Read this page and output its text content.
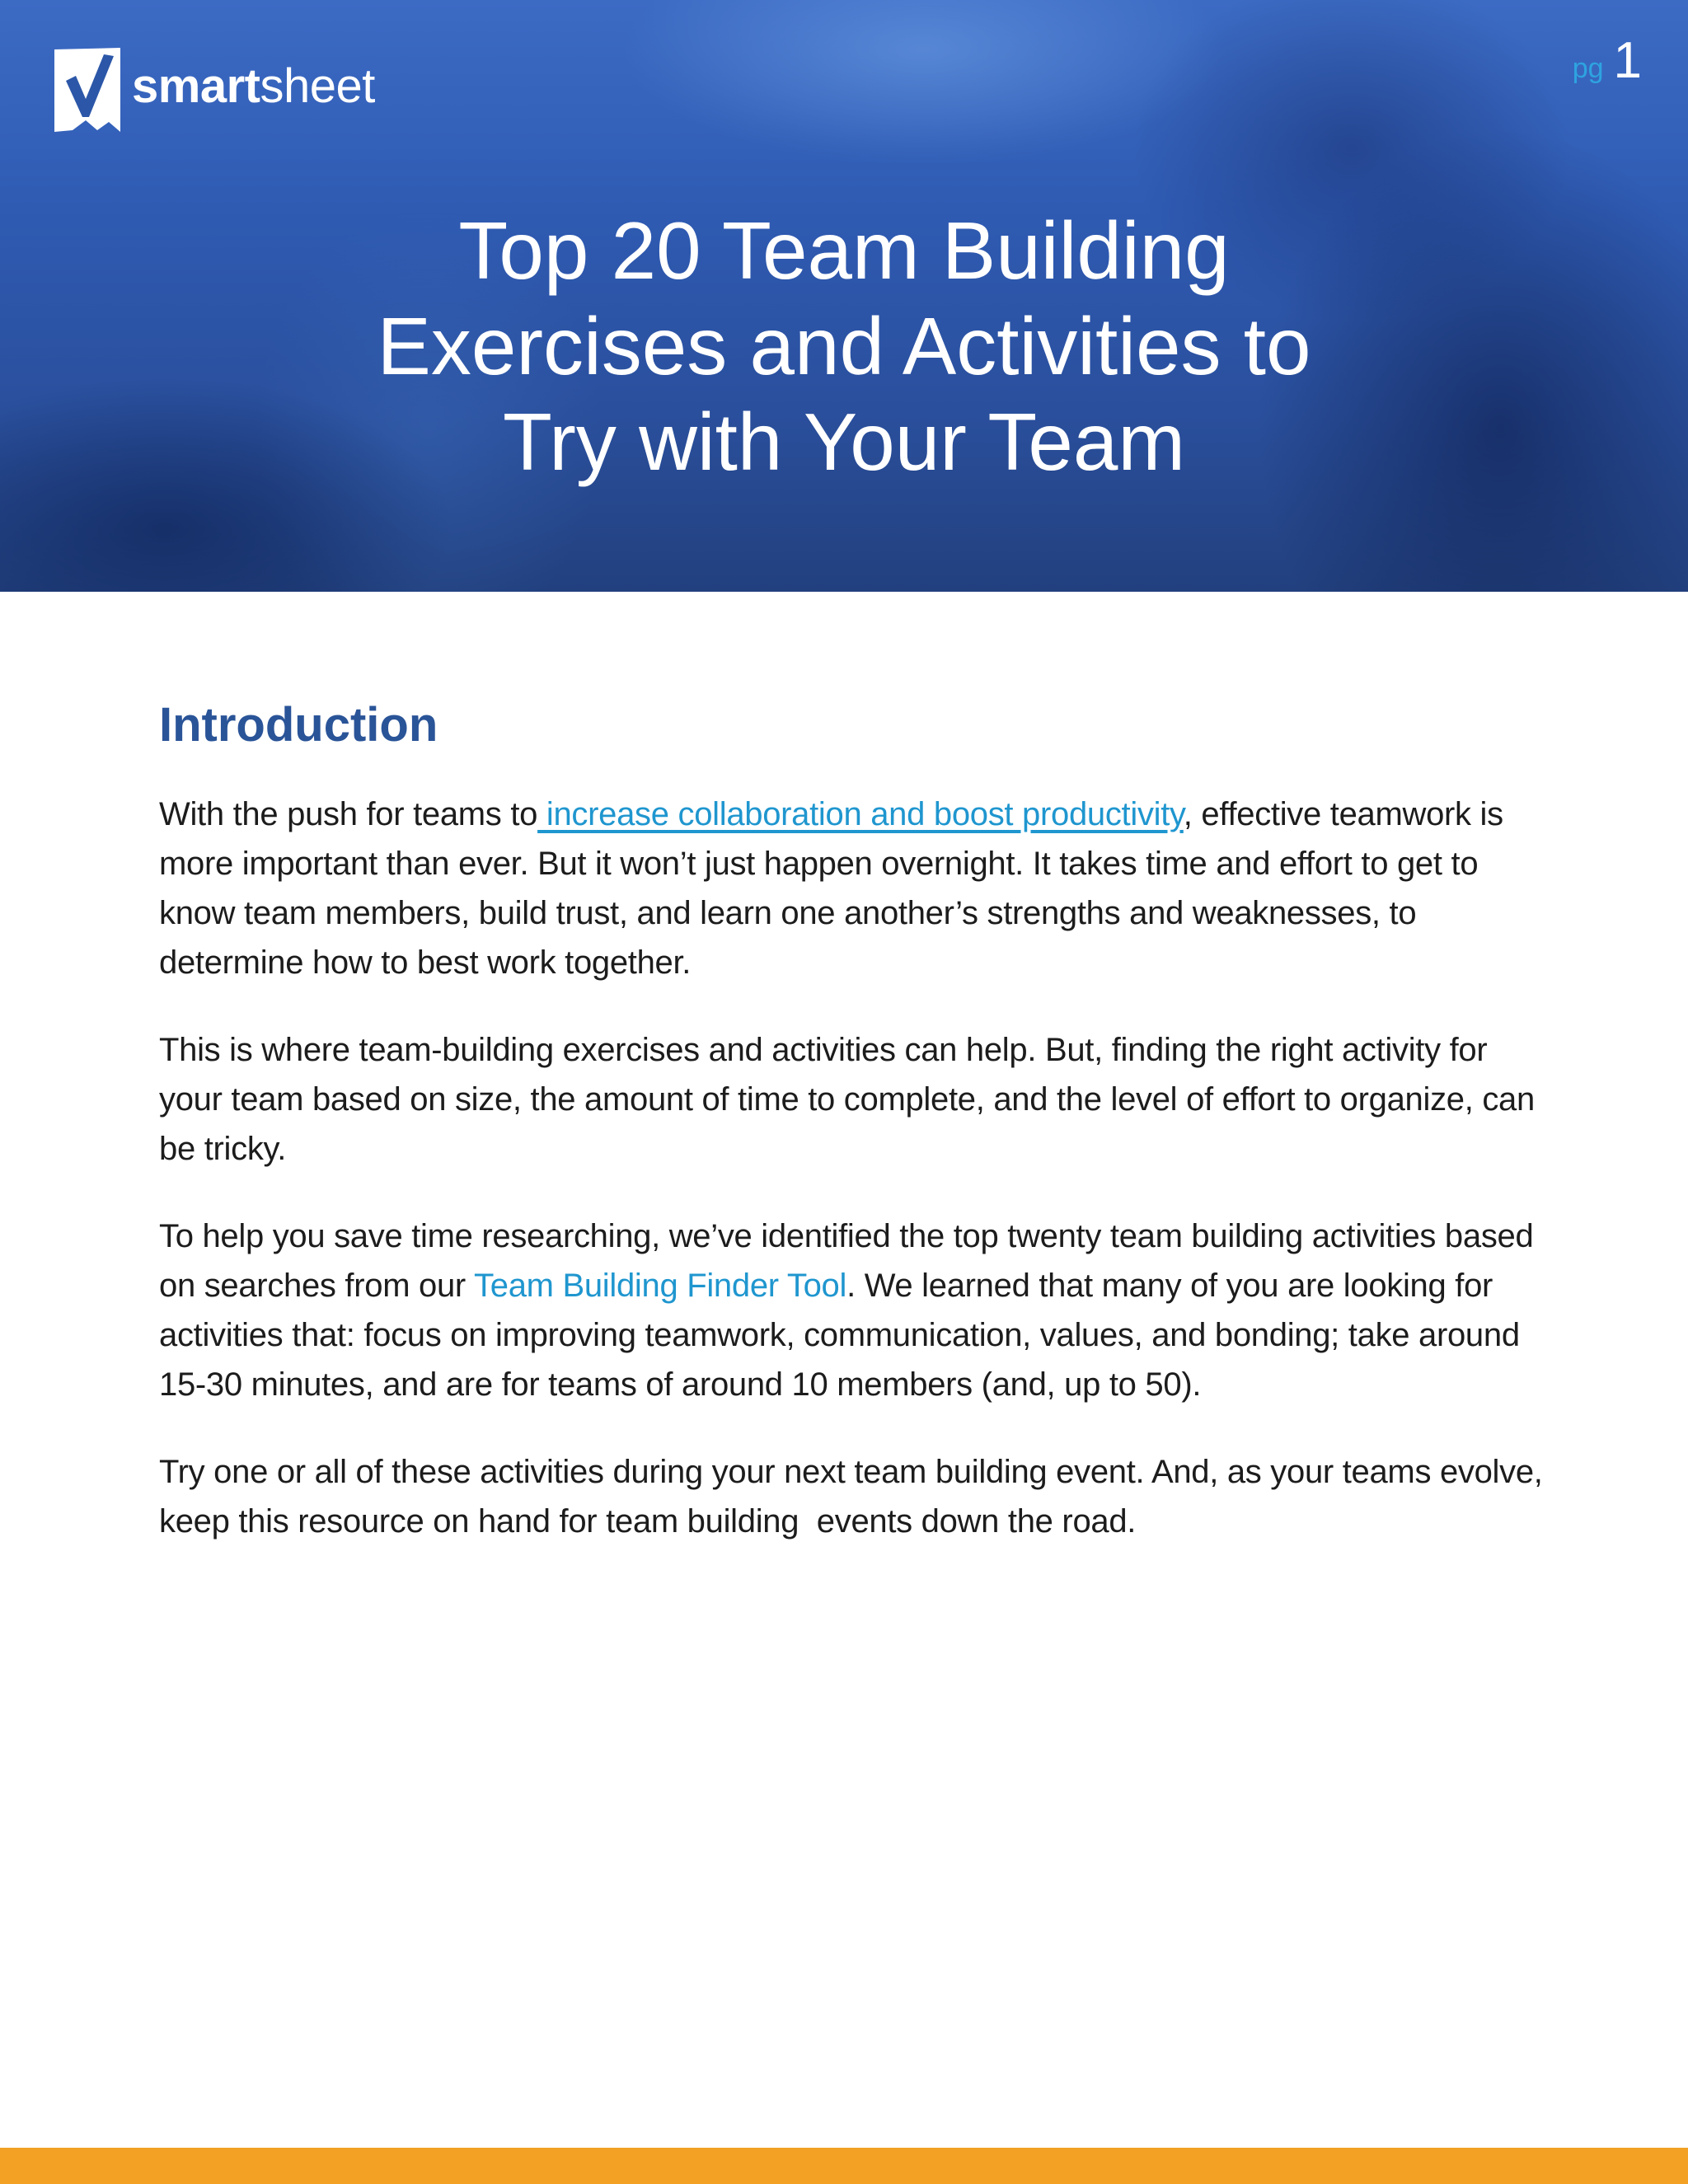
smartsheet	pg 1
Top 20 Team Building
Exercises and Activities to
Try with Your Team
Introduction

With the push for teams to increase collaboration and boost productivity, effective teamwork is more important than ever. But it won’t just happen overnight. It takes time and effort to get to know team members, build trust, and learn one another’s strengths and weaknesses, to determine how to best work together.

This is where team-building exercises and activities can help. But, finding the right activity for your team based on size, the amount of time to complete, and the level of effort to organize, can be tricky.

To help you save time researching, we’ve identified the top twenty team building activities based on searches from our Team Building Finder Tool. We learned that many of you are looking for activities that: focus on improving teamwork, communication, values, and bonding; take around 15-30 minutes, and are for teams of around 10 members (and, up to 50).

Try one or all of these activities during your next team building event. And, as your teams evolve, keep this resource on hand for team building  events down the road.
